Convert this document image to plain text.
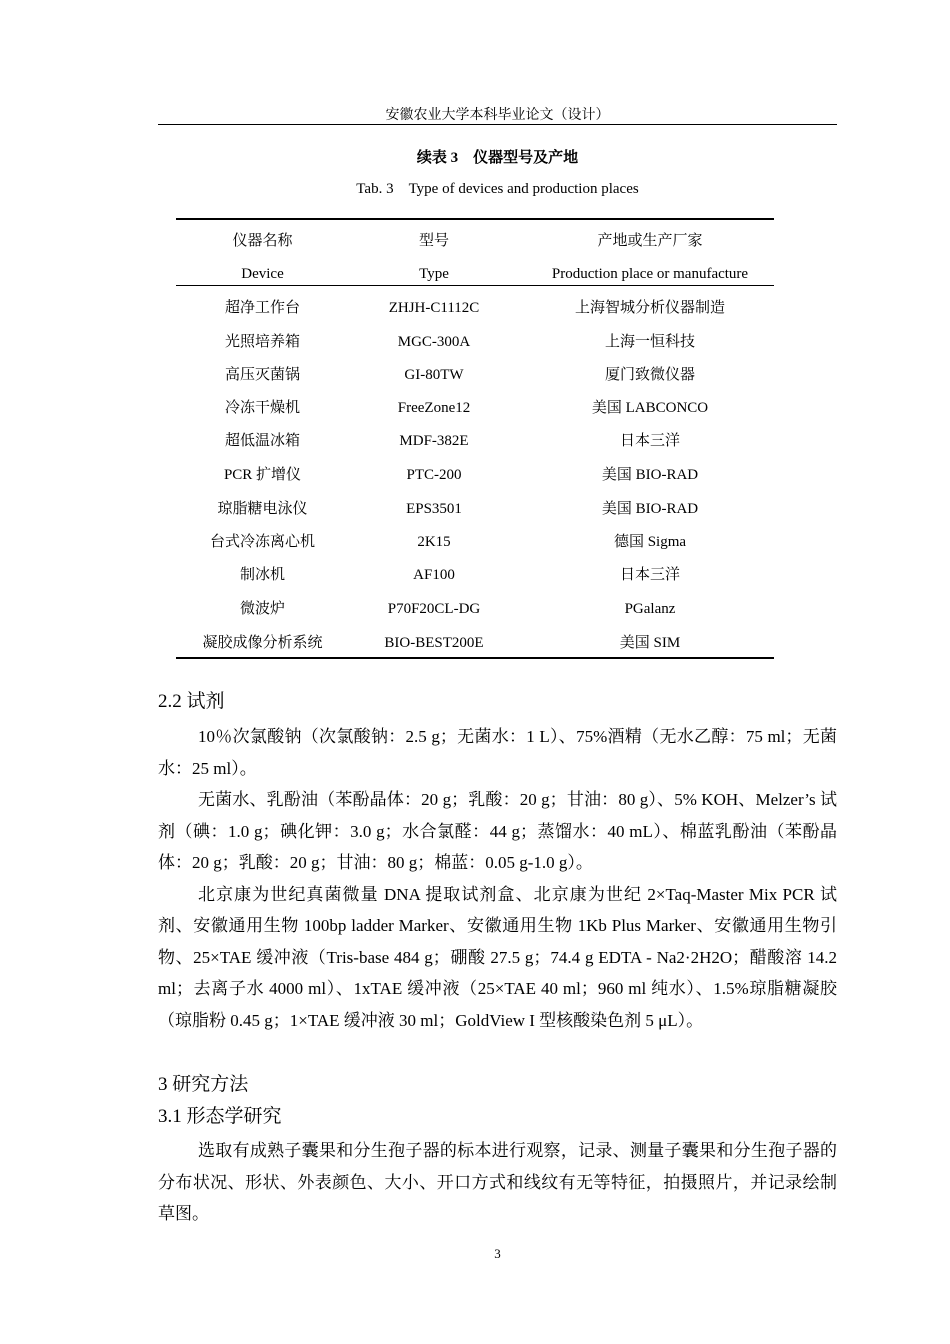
安徽农业大学本科毕业论文（设计）
续表 3　仪器型号及产地
Tab. 3　Type of devices and production places
仪器名称	型号	产地或生产厂家
Device	Type	Production place or manufacture
超净工作台	ZHJH-C1112C	上海智城分析仪器制造
光照培养箱	MGC-300A	上海一恒科技
高压灭菌锅	GI-80TW	厦门致微仪器
冷冻干燥机	FreeZone12	美国 LABCONCO
超低温冰箱	MDF-382E	日本三洋
PCR 扩增仪	PTC-200	美国 BIO-RAD
琼脂糖电泳仪	EPS3501	美国 BIO-RAD
台式冷冻离心机	2K15	德国 Sigma
制冰机	AF100	日本三洋
微波炉	P70F20CL-DG	PGalanz
凝胶成像分析系统	BIO-BEST200E	美国 SIM
2.2 试剂

10％次氯酸钠（次氯酸钠：2.5 g；无菌水：1 L）、75%酒精（无水乙醇：75 ml；无菌水：25 ml）。

无菌水、乳酚油（苯酚晶体：20 g；乳酸：20 g；甘油：80 g）、5% KOH、Melzer’s 试剂（碘：1.0 g；碘化钾：3.0 g；水合氯醛：44 g；蒸馏水：40 mL）、棉蓝乳酚油（苯酚晶体：20 g；乳酸：20 g；甘油：80 g；棉蓝：0.05 g-1.0 g）。

北京康为世纪真菌微量 DNA 提取试剂盒、北京康为世纪 2×Taq-Master Mix PCR 试剂、安徽通用生物 100bp ladder Marker、安徽通用生物 1Kb Plus Marker、安徽通用生物引物、25×TAE 缓冲液（Tris-base 484 g；硼酸 27.5 g；74.4 g EDTA - Na2·2H2O；醋酸溶 14.2 ml；去离子水 4000 ml）、1xTAE 缓冲液（25×TAE 40 ml；960 ml 纯水）、1.5%琼脂糖凝胶（琼脂粉 0.45 g；1×TAE 缓冲液 30 ml；GoldView I 型核酸染色剂 5 μL）。

3 研究方法
3.1 形态学研究

选取有成熟子囊果和分生孢子器的标本进行观察，记录、测量子囊果和分生孢子器的分布状况、形状、外表颜色、大小、开口方式和线纹有无等特征，拍摄照片，并记录绘制草图。

3
